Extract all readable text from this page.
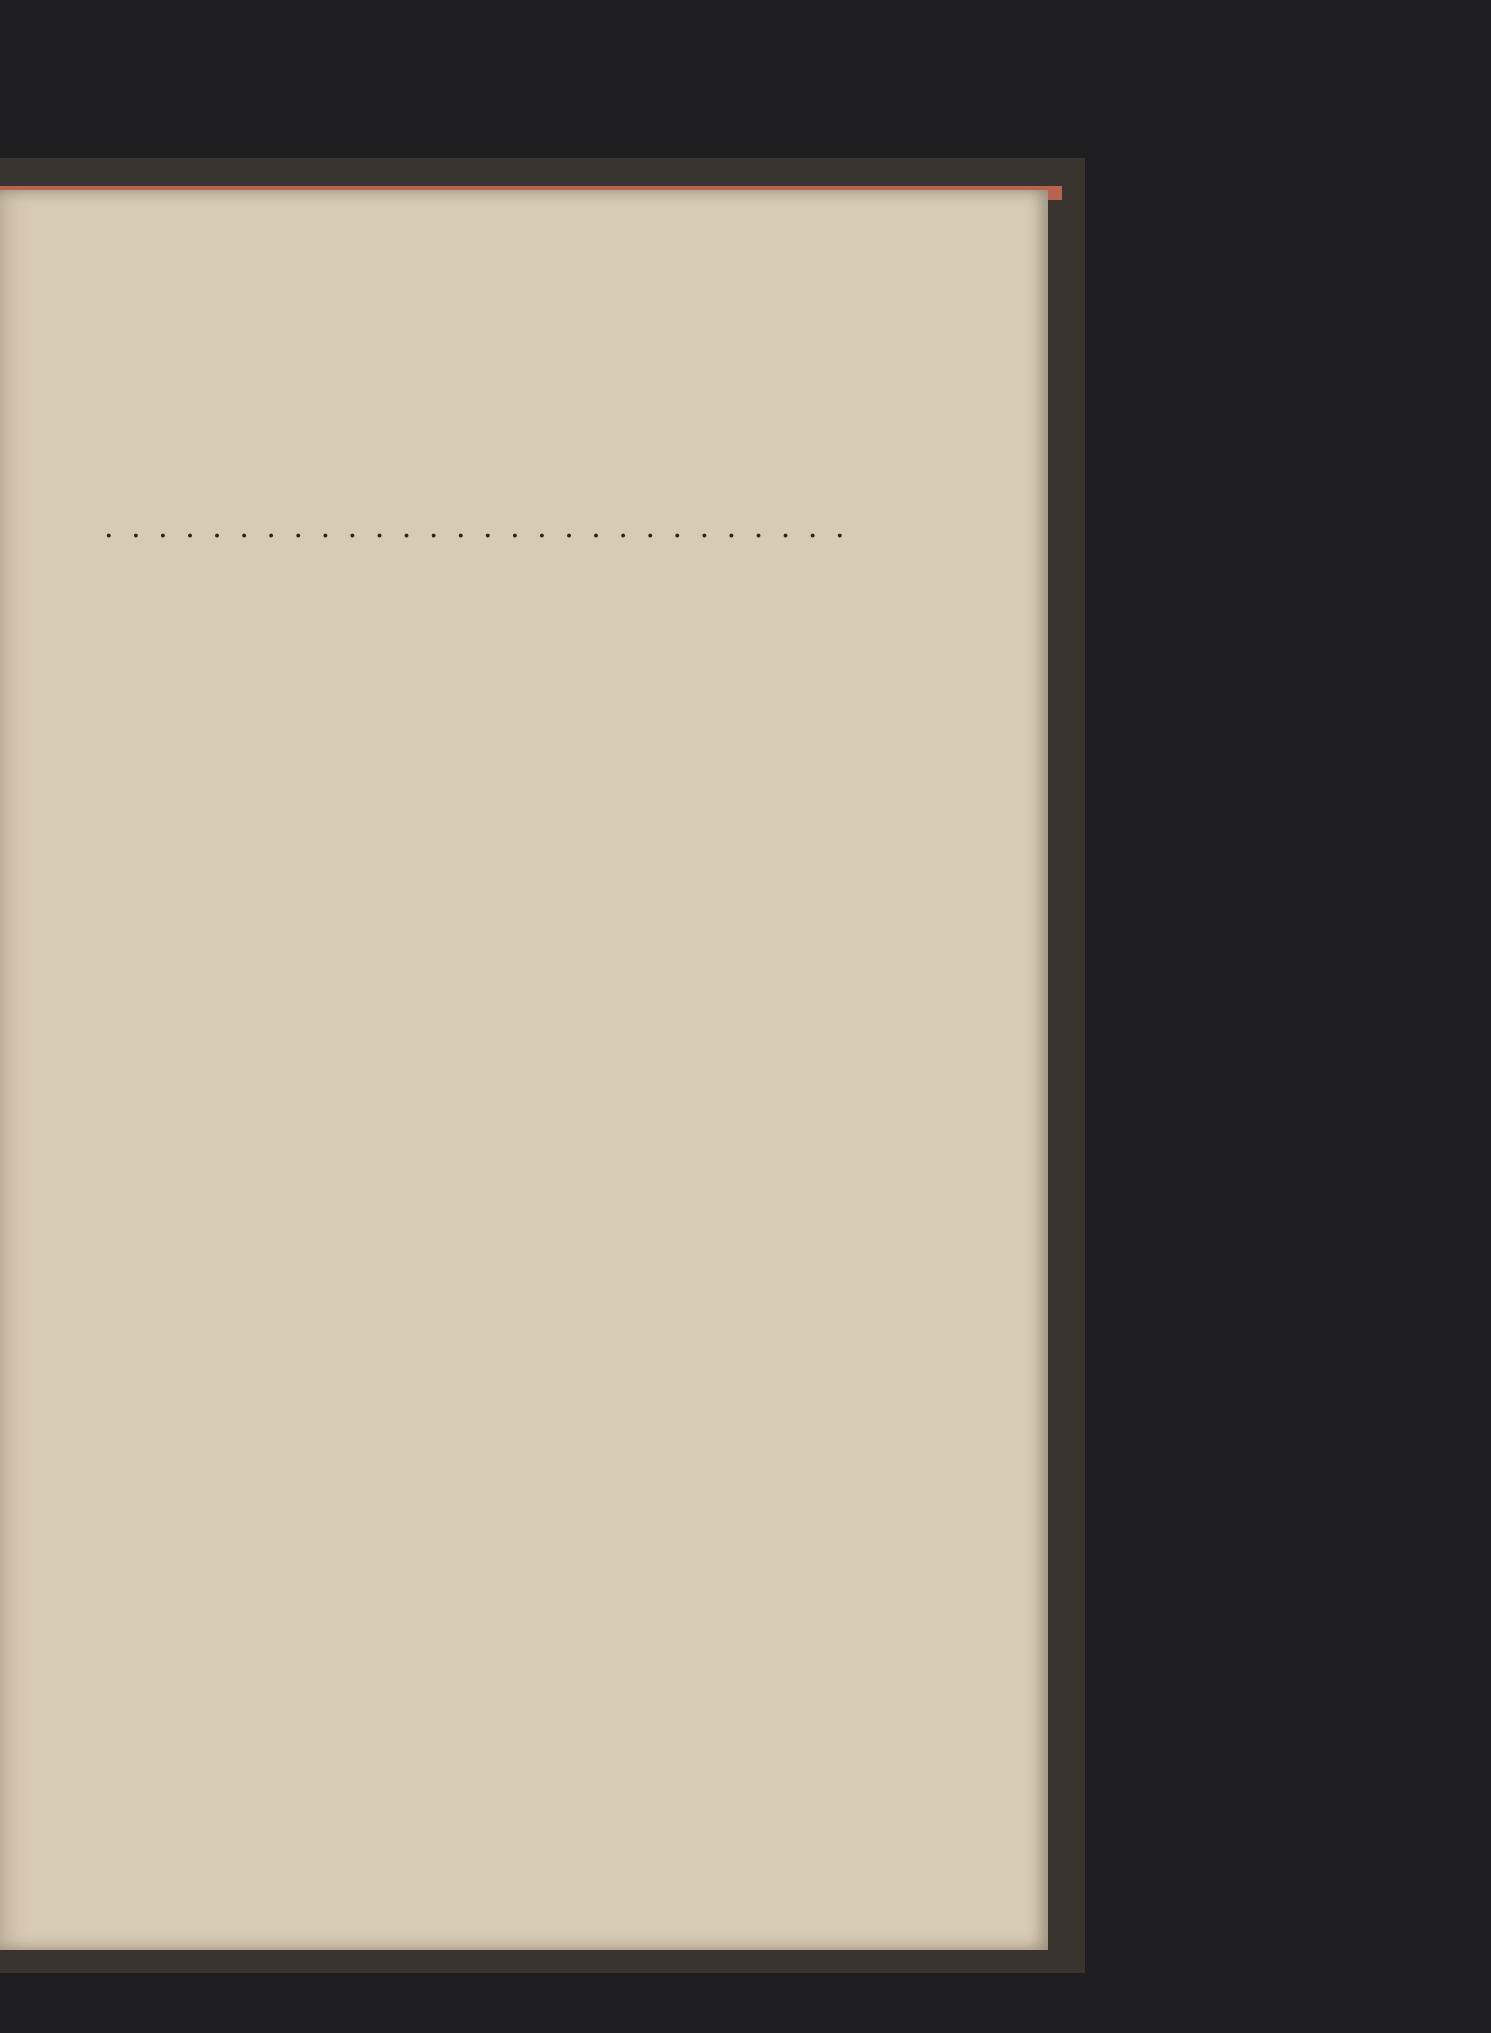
. . .
